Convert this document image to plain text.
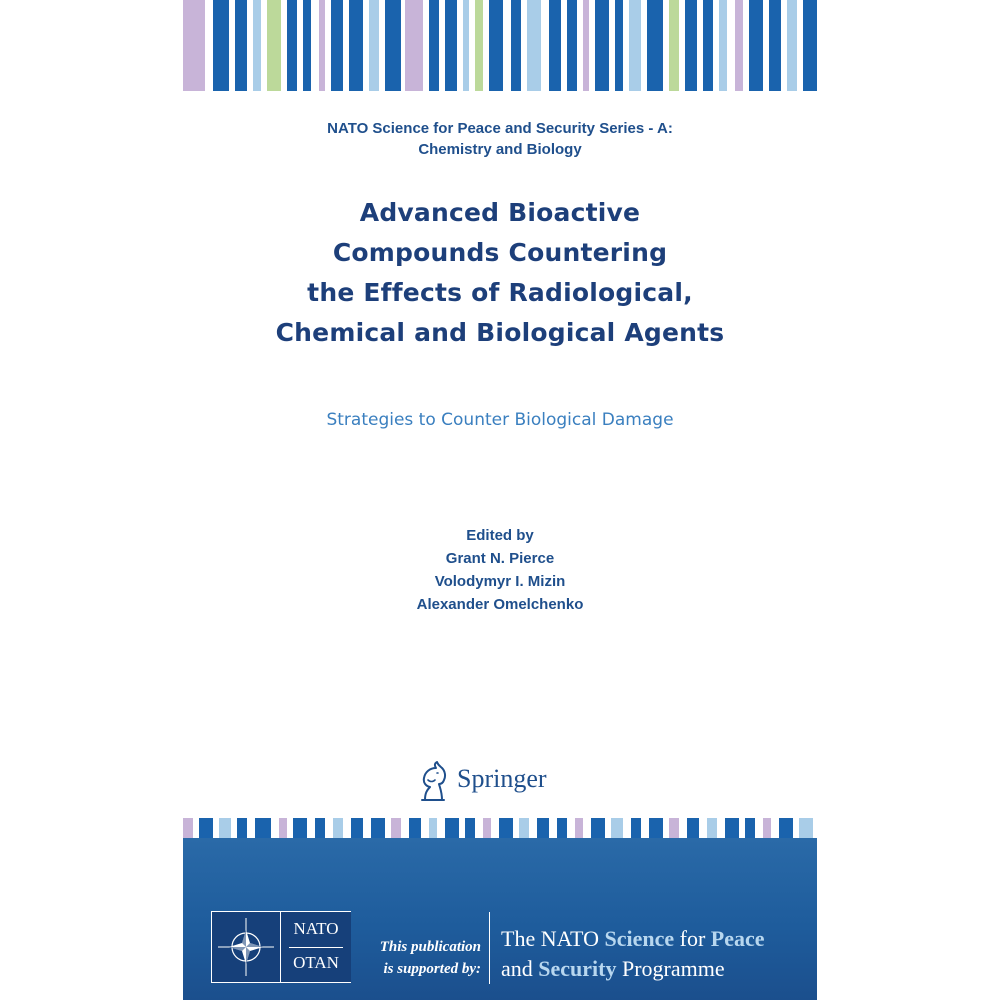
NATO Science for Peace and Security Series - A:
Chemistry and Biology
Advanced Bioactive
Compounds Countering
the Effects of Radiological,
Chemical and Biological Agents
Strategies to Counter Biological Damage
Edited by
Grant N. Pierce
Volodymyr I. Mizin
Alexander Omelchenko
Springer
NATO
OTAN
This publication
is supported by:
The NATO Science for Peace
and Security Programme
